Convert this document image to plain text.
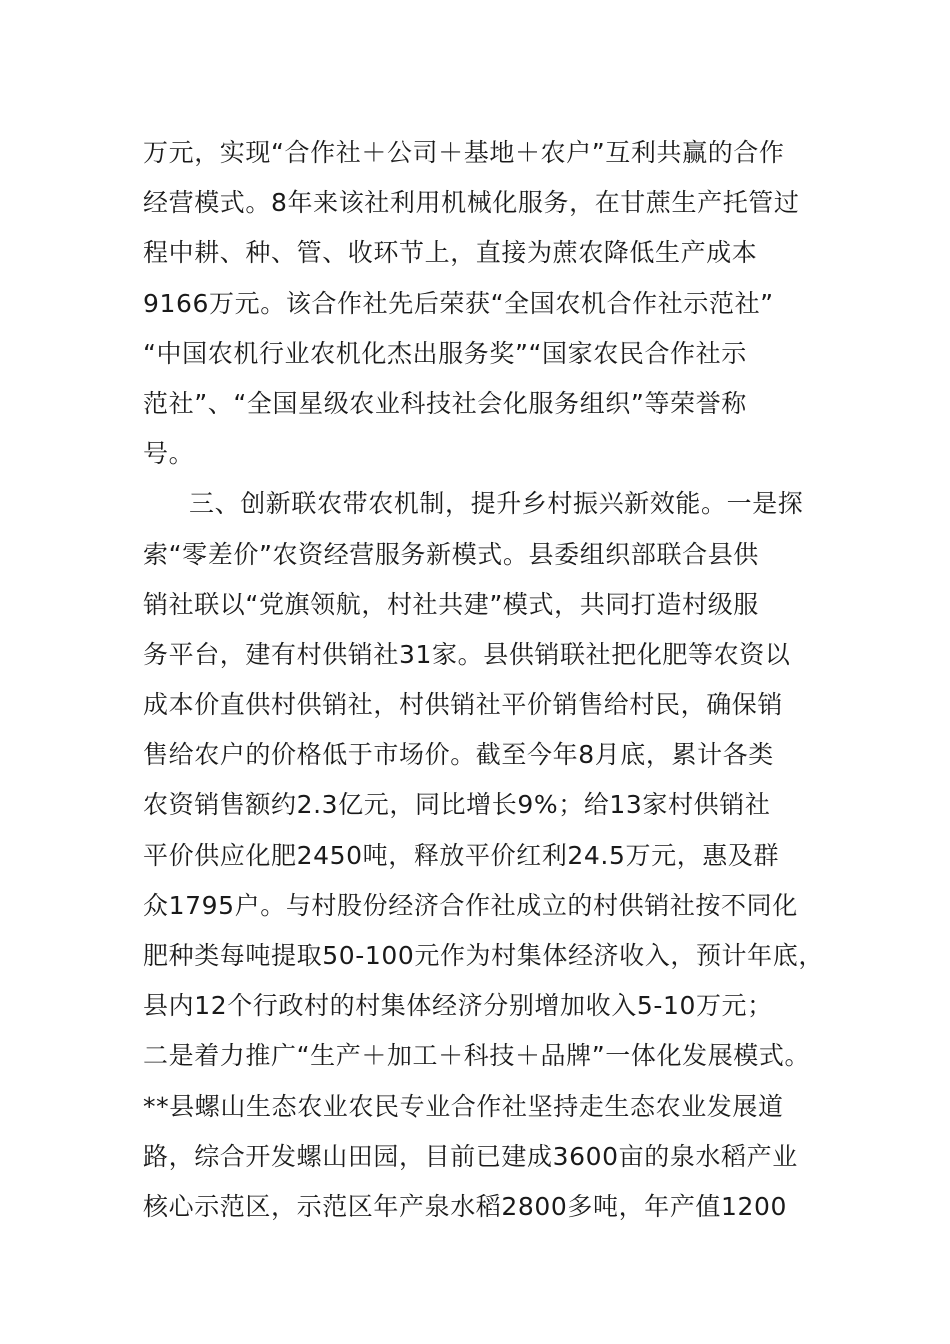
万元，实现“合作社＋公司＋基地＋农户”互利共赢的合作
经营模式。8年来该社利用机械化服务，在甘蔗生产托管过
程中耕、种、管、收环节上，直接为蔗农降低生产成本
9166万元。该合作社先后荣获“全国农机合作社示范社”
“中国农机行业农机化杰出服务奖”“国家农民合作社示
范社”、“全国星级农业科技社会化服务组织”等荣誉称
号。
三、创新联农带农机制，提升乡村振兴新效能。一是探
索“零差价”农资经营服务新模式。县委组织部联合县供
销社联以“党旗领航，村社共建”模式，共同打造村级服
务平台，建有村供销社31家。县供销联社把化肥等农资以
成本价直供村供销社，村供销社平价销售给村民，确保销
售给农户的价格低于市场价。截至今年8月底，累计各类
农资销售额约2.3亿元，同比增长9%；给13家村供销社
平价供应化肥2450吨，释放平价红利24.5万元，惠及群
众1795户。与村股份经济合作社成立的村供销社按不同化
肥种类每吨提取50-100元作为村集体经济收入，预计年底，
县内12个行政村的村集体经济分别增加收入5-10万元；
二是着力推广“生产＋加工＋科技＋品牌”一体化发展模式。
**县螺山生态农业农民专业合作社坚持走生态农业发展道
路，综合开发螺山田园，目前已建成3600亩的泉水稻产业
核心示范区，示范区年产泉水稻2800多吨，年产值1200
